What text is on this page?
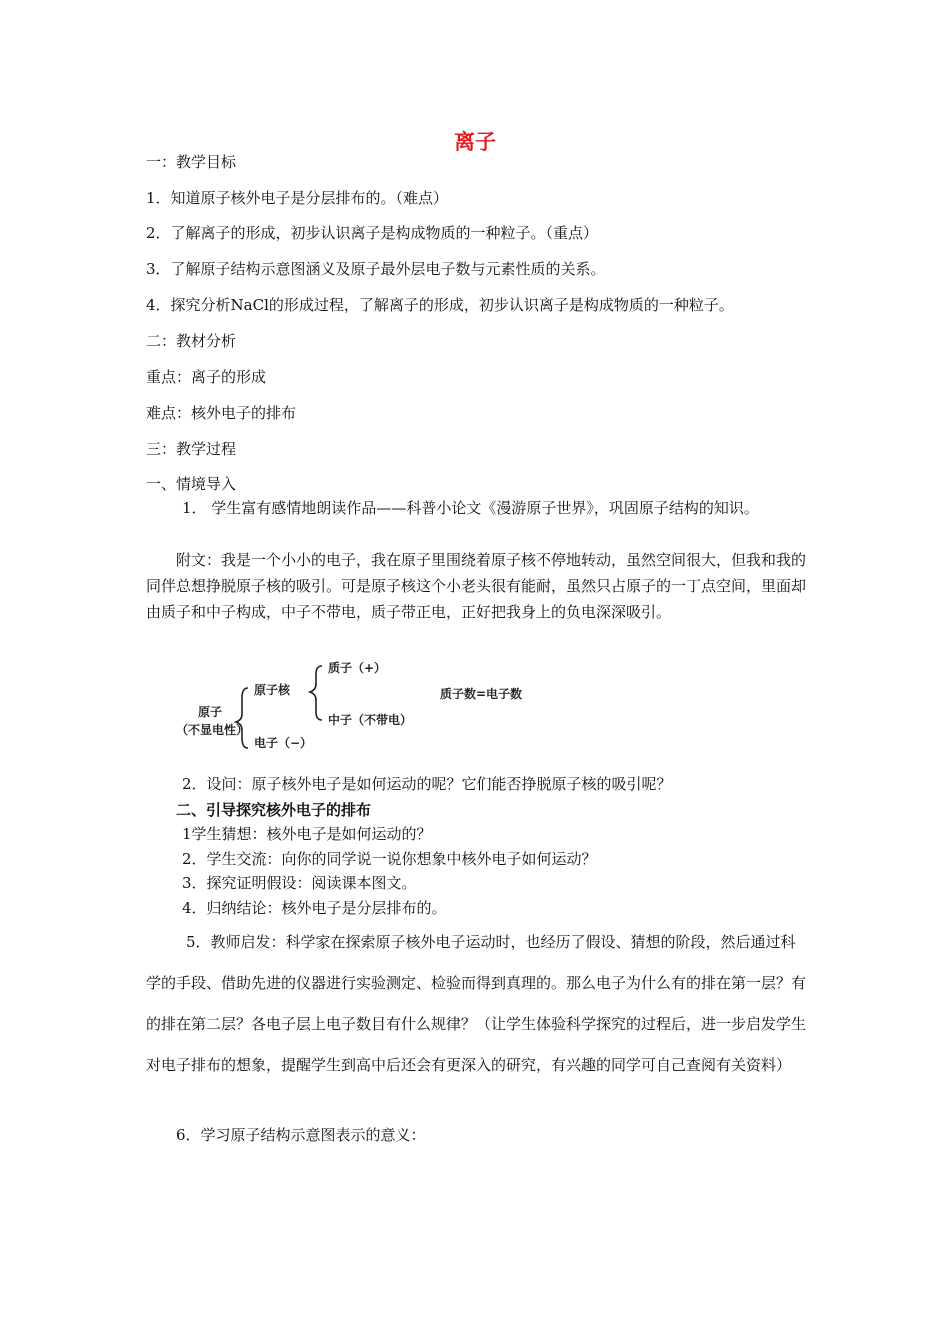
离子
一：教学目标
1．知道原子核外电子是分层排布的。（难点）
2．了解离子的形成，初步认识离子是构成物质的一种粒子。（重点）
3．了解原子结构示意图涵义及原子最外层电子数与元素性质的关系。
4．探究分析NaCl的形成过程，了解离子的形成，初步认识离子是构成物质的一种粒子。
二：教材分析
重点：离子的形成
难点：核外电子的排布
三：教学过程
一、情境导入
1． 学生富有感情地朗读作品——科普小论文《漫游原子世界》，巩固原子结构的知识。
附文：我是一个小小的电子，我在原子里围绕着原子核不停地转动，虽然空间很大，但我和我的同伴总想挣脱原子核的吸引。可是原子核这个小老头很有能耐，虽然只占原子的一丁点空间，里面却由质子和中子构成，中子不带电，质子带正电，正好把我身上的负电深深吸引。
原子
（不显电性）
原子核
电子（−）
质子（+）
中子（不带电）
质子数=电子数
2．设问：原子核外电子是如何运动的呢？它们能否挣脱原子核的吸引呢？
二、引导探究核外电子的排布
1学生猜想：核外电子是如何运动的？
2．学生交流：向你的同学说一说你想象中核外电子如何运动？
3．探究证明假设：阅读课本图文。
4．归纳结论：核外电子是分层排布的。
5．教师启发：科学家在探索原子核外电子运动时，也经历了假设、猜想的阶段，然后通过科学的手段、借助先进的仪器进行实验测定、检验而得到真理的。那么电子为什么有的排在第一层？有的排在第二层？各电子层上电子数目有什么规律？（让学生体验科学探究的过程后，进一步启发学生对电子排布的想象，提醒学生到高中后还会有更深入的研究，有兴趣的同学可自己查阅有关资料）
6．学习原子结构示意图表示的意义：
